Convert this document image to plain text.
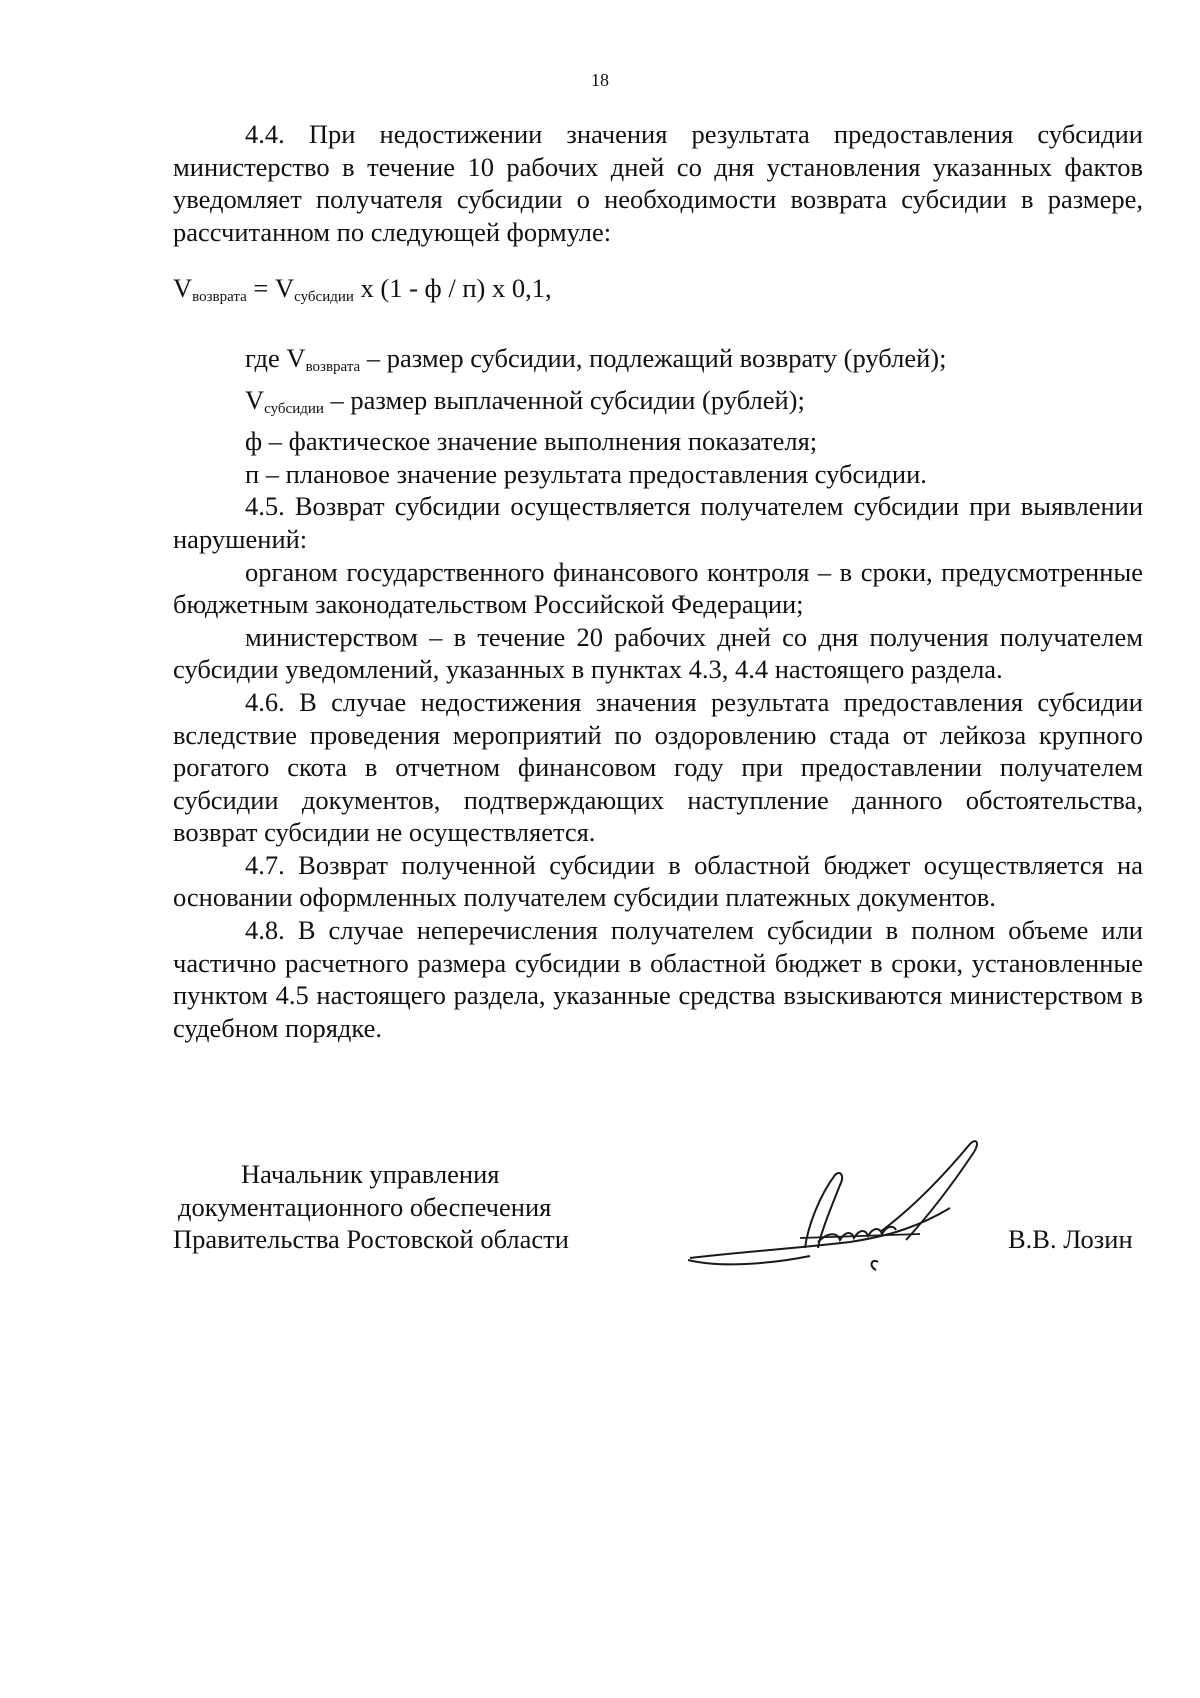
18

4.4. При недостижении значения результата предоставления субсидии министерство в течение 10 рабочих дней со дня установления указанных фактов уведомляет получателя субсидии о необходимости возврата субсидии в размере, рассчитанном по следующей формуле:

$V_{возврата} = V_{субсидии}$ х (1 - ф / п) х 0,1,

где $V_{возврата}$ – размер субсидии, подлежащий возврату (рублей);

$V_{субсидии}$ – размер выплаченной субсидии (рублей);

ф – фактическое значение выполнения показателя;

п – плановое значение результата предоставления субсидии.

4.5. Возврат субсидии осуществляется получателем субсидии при выявлении нарушений:

органом государственного финансового контроля – в сроки, предусмотренные бюджетным законодательством Российской Федерации;

министерством – в течение 20 рабочих дней со дня получения получателем субсидии уведомлений, указанных в пунктах 4.3, 4.4 настоящего раздела.

4.6. В случае недостижения значения результата предоставления субсидии вследствие проведения мероприятий по оздоровлению стада от лейкоза крупного рогатого скота в отчетном финансовом году при предоставлении получателем субсидии документов, подтверждающих наступление данного обстоятельства, возврат субсидии не осуществляется.

4.7. Возврат полученной субсидии в областной бюджет осуществляется на основании оформленных получателем субсидии платежных документов.

4.8. В случае неперечисления получателем субсидии в полном объеме или частично расчетного размера субсидии в областной бюджет в сроки, установленные пунктом 4.5 настоящего раздела, указанные средства взыскиваются министерством в судебном порядке.

Начальник управления
документационного обеспечения
Правительства Ростовской области	В.В. Лозин
